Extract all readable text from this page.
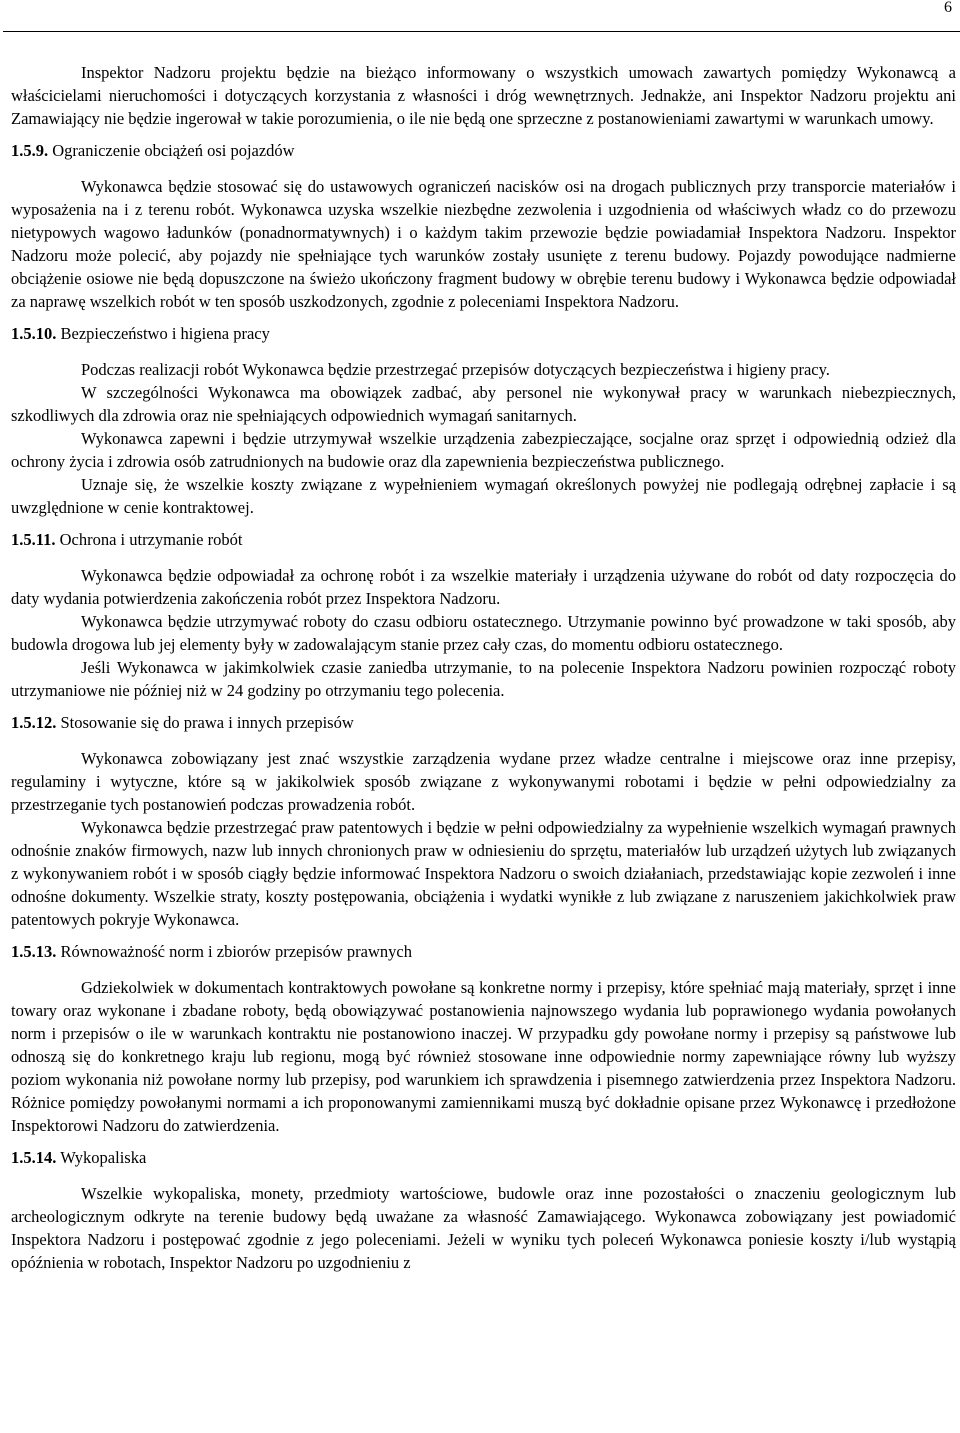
6

Inspektor Nadzoru projektu będzie na bieżąco informowany o wszystkich umowach zawartych pomiędzy Wykonawcą a właścicielami nieruchomości i dotyczących korzystania z własności i dróg wewnętrznych. Jednakże, ani Inspektor Nadzoru projektu ani Zamawiający nie będzie ingerował w takie porozumienia, o ile nie będą one sprzeczne z postanowieniami zawartymi w warunkach umowy.

1.5.9. Ograniczenie obciążeń osi pojazdów

Wykonawca będzie stosować się do ustawowych ograniczeń nacisków osi na drogach publicznych przy transporcie materiałów i wyposażenia na i z terenu robót. Wykonawca uzyska wszelkie niezbędne zezwolenia i uzgodnienia od właściwych władz co do przewozu nietypowych wagowo ładunków (ponadnormatywnych) i o każdym takim przewozie będzie powiadamiał Inspektora Nadzoru. Inspektor Nadzoru może polecić, aby pojazdy nie spełniające tych warunków zostały usunięte z terenu budowy. Pojazdy powodujące nadmierne obciążenie osiowe nie będą dopuszczone na świeżo ukończony fragment budowy w obrębie terenu budowy i Wykonawca będzie odpowiadał za naprawę wszelkich robót w ten sposób uszkodzonych, zgodnie z poleceniami Inspektora Nadzoru.

1.5.10. Bezpieczeństwo i higiena pracy

Podczas realizacji robót Wykonawca będzie przestrzegać przepisów dotyczących bezpieczeństwa i higieny pracy.

W szczególności Wykonawca ma obowiązek zadbać, aby personel nie wykonywał pracy w warunkach niebezpiecznych, szkodliwych dla zdrowia oraz nie spełniających odpowiednich wymagań sanitarnych.

Wykonawca zapewni i będzie utrzymywał wszelkie urządzenia zabezpieczające, socjalne oraz sprzęt i odpowiednią odzież dla ochrony życia i zdrowia osób zatrudnionych na budowie oraz dla zapewnienia bezpieczeństwa publicznego.

Uznaje się, że wszelkie koszty związane z wypełnieniem wymagań określonych powyżej nie podlegają odrębnej zapłacie i są uwzględnione w cenie kontraktowej.

1.5.11. Ochrona i utrzymanie robót

Wykonawca będzie odpowiadał za ochronę robót i za wszelkie materiały i urządzenia używane do robót od daty rozpoczęcia do daty wydania potwierdzenia zakończenia robót przez Inspektora Nadzoru.

Wykonawca będzie utrzymywać roboty do czasu odbioru ostatecznego. Utrzymanie powinno być prowadzone w taki sposób, aby budowla drogowa lub jej elementy były w zadowalającym stanie przez cały czas, do momentu odbioru ostatecznego.

Jeśli Wykonawca w jakimkolwiek czasie zaniedba utrzymanie, to na polecenie Inspektora Nadzoru powinien rozpocząć roboty utrzymaniowe nie później niż w 24 godziny po otrzymaniu tego polecenia.

1.5.12. Stosowanie się do prawa i innych przepisów

Wykonawca zobowiązany jest znać wszystkie zarządzenia wydane przez władze centralne i miejscowe oraz inne przepisy, regulaminy i wytyczne, które są w jakikolwiek sposób związane z wykonywanymi robotami i będzie w pełni odpowiedzialny za przestrzeganie tych postanowień podczas prowadzenia robót.

Wykonawca będzie przestrzegać praw patentowych i będzie w pełni odpowiedzialny za wypełnienie wszelkich wymagań prawnych odnośnie znaków firmowych, nazw lub innych chronionych praw w odniesieniu do sprzętu, materiałów lub urządzeń użytych lub związanych z wykonywaniem robót i w sposób ciągły będzie informować Inspektora Nadzoru o swoich działaniach, przedstawiając kopie zezwoleń i inne odnośne dokumenty. Wszelkie straty, koszty postępowania, obciążenia i wydatki wynikłe z lub związane z naruszeniem jakichkolwiek praw patentowych pokryje Wykonawca.

1.5.13. Równoważność norm i zbiorów przepisów prawnych

Gdziekolwiek w dokumentach kontraktowych powołane są konkretne normy i przepisy, które spełniać mają materiały, sprzęt i inne towary oraz wykonane i zbadane roboty, będą obowiązywać postanowienia najnowszego wydania lub poprawionego wydania powołanych norm i przepisów o ile w warunkach kontraktu nie postanowiono inaczej. W przypadku gdy powołane normy i przepisy są państwowe lub odnoszą się do konkretnego kraju lub regionu, mogą być również stosowane inne odpowiednie normy zapewniające równy lub wyższy poziom wykonania niż powołane normy lub przepisy, pod warunkiem ich sprawdzenia i pisemnego zatwierdzenia przez Inspektora Nadzoru. Różnice pomiędzy powołanymi normami a ich proponowanymi zamiennikami muszą być dokładnie opisane przez Wykonawcę i przedłożone Inspektorowi Nadzoru do zatwierdzenia.

1.5.14. Wykopaliska

Wszelkie wykopaliska, monety, przedmioty wartościowe, budowle oraz inne pozostałości o znaczeniu geologicznym lub archeologicznym odkryte na terenie budowy będą uważane za własność Zamawiającego. Wykonawca zobowiązany jest powiadomić Inspektora Nadzoru i postępować zgodnie z jego poleceniami. Jeżeli w wyniku tych poleceń Wykonawca poniesie koszty i/lub wystąpią opóźnienia w robotach, Inspektor Nadzoru po uzgodnieniu z
